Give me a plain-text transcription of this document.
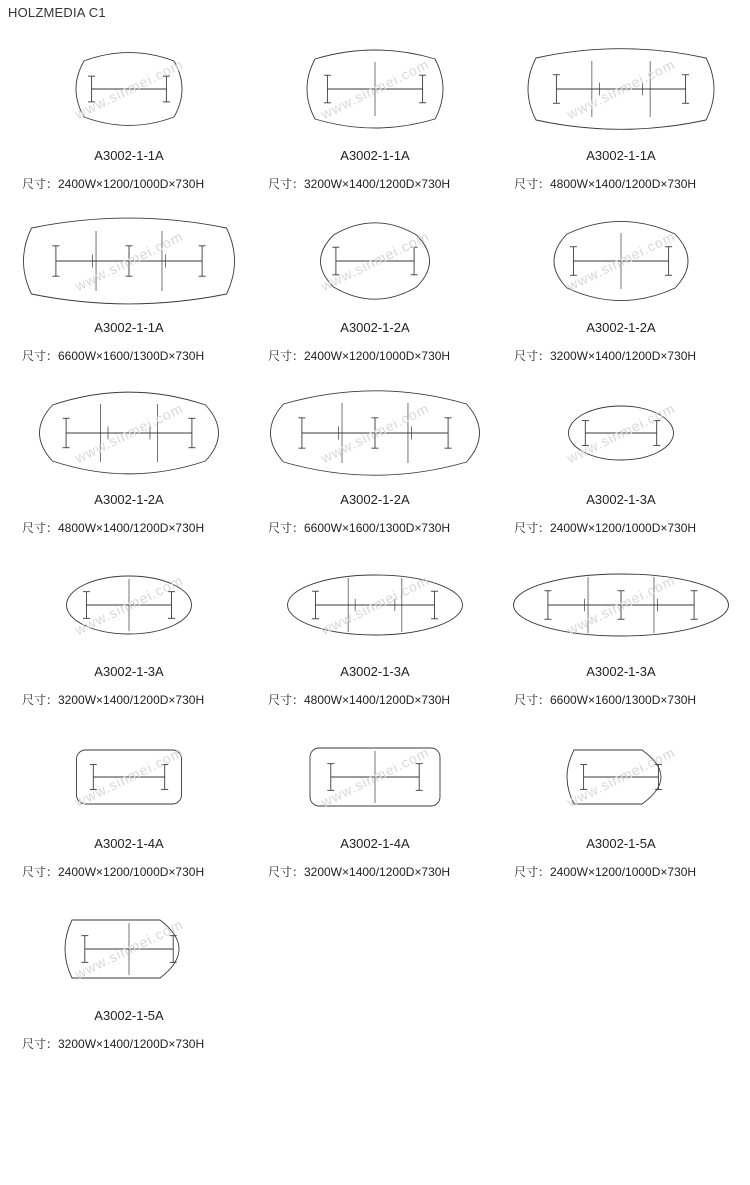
HOLZMEDIA C1
www.sinmei.com
A3002-1-1A
尺寸：2400W×1200/1000D×730H
www.sinmei.com
A3002-1-1A
尺寸：3200W×1400/1200D×730H
www.sinmei.com
A3002-1-1A
尺寸：4800W×1400/1200D×730H
www.sinmei.com
A3002-1-1A
尺寸：6600W×1600/1300D×730H
www.sinmei.com
A3002-1-2A
尺寸：2400W×1200/1000D×730H
www.sinmei.com
A3002-1-2A
尺寸：3200W×1400/1200D×730H
www.sinmei.com
A3002-1-2A
尺寸：4800W×1400/1200D×730H
www.sinmei.com
A3002-1-2A
尺寸：6600W×1600/1300D×730H
www.sinmei.com
A3002-1-3A
尺寸：2400W×1200/1000D×730H
www.sinmei.com
A3002-1-3A
尺寸：3200W×1400/1200D×730H
www.sinmei.com
A3002-1-3A
尺寸：4800W×1400/1200D×730H
www.sinmei.com
A3002-1-3A
尺寸：6600W×1600/1300D×730H
www.sinmei.com
A3002-1-4A
尺寸：2400W×1200/1000D×730H
www.sinmei.com
A3002-1-4A
尺寸：3200W×1400/1200D×730H
www.sinmei.com
A3002-1-5A
尺寸：2400W×1200/1000D×730H
www.sinmei.com
A3002-1-5A
尺寸：3200W×1400/1200D×730H
